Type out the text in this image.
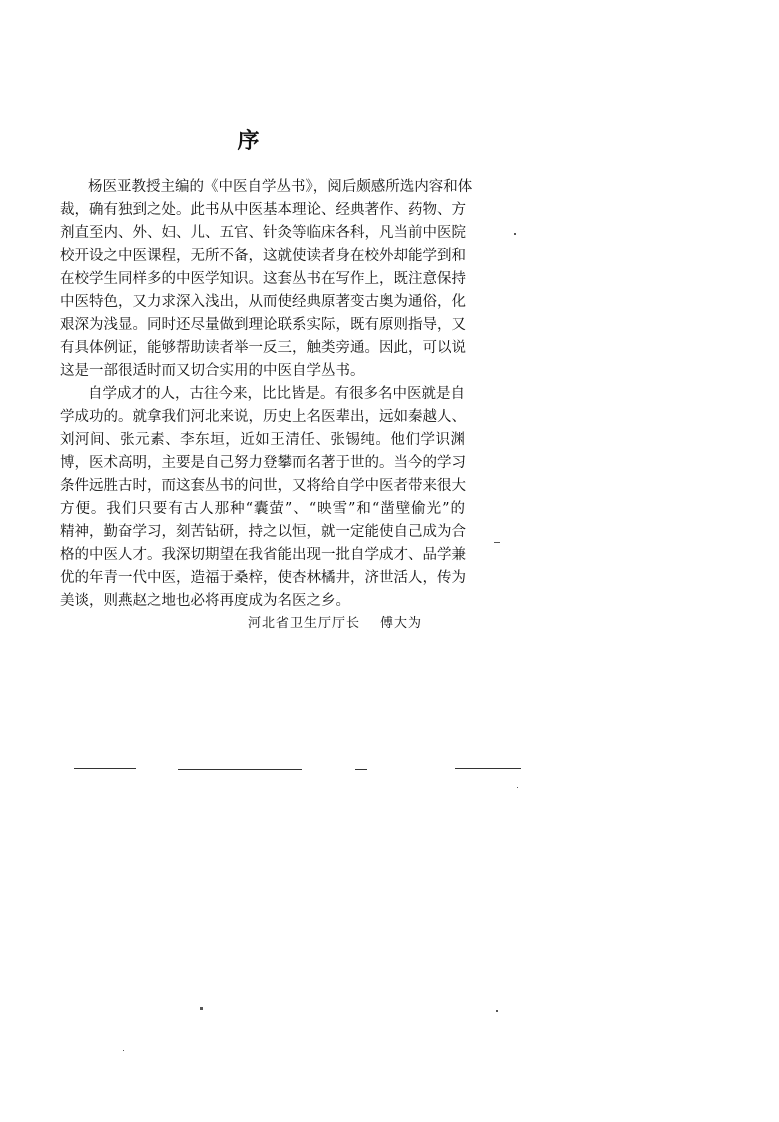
序
杨医亚教授主编的《中医自学丛书》，阅后颇感所选内容和体
裁，确有独到之处。此书从中医基本理论、经典著作、药物、方
剂直至内、外、妇、儿、五官、针灸等临床各科，凡当前中医院
校开设之中医课程，无所不备，这就使读者身在校外却能学到和
在校学生同样多的中医学知识。这套丛书在写作上，既注意保持
中医特色，又力求深入浅出，从而使经典原著变古奥为通俗，化
艰深为浅显。同时还尽量做到理论联系实际，既有原则指导，又
有具体例证，能够帮助读者举一反三，触类旁通。因此，可以说
这是一部很适时而又切合实用的中医自学丛书。
自学成才的人，古往今来，比比皆是。有很多名中医就是自
学成功的。就拿我们河北来说，历史上名医辈出，远如秦越人、
刘河间、张元素、李东垣，近如王清任、张锡纯。他们学识渊
博，医术高明，主要是自己努力登攀而名著于世的。当今的学习
条件远胜古时，而这套丛书的问世，又将给自学中医者带来很大
方便。我们只要有古人那种“囊萤”、“映雪”和“凿壁偷光”的
精神，勤奋学习，刻苦钻研，持之以恒，就一定能使自己成为合
格的中医人才。我深切期望在我省能出现一批自学成才、品学兼
优的年青一代中医，造福于桑梓，使杏林橘井，济世活人，传为
美谈，则燕赵之地也必将再度成为名医之乡。
河北省卫生厅厅长 傅大为
